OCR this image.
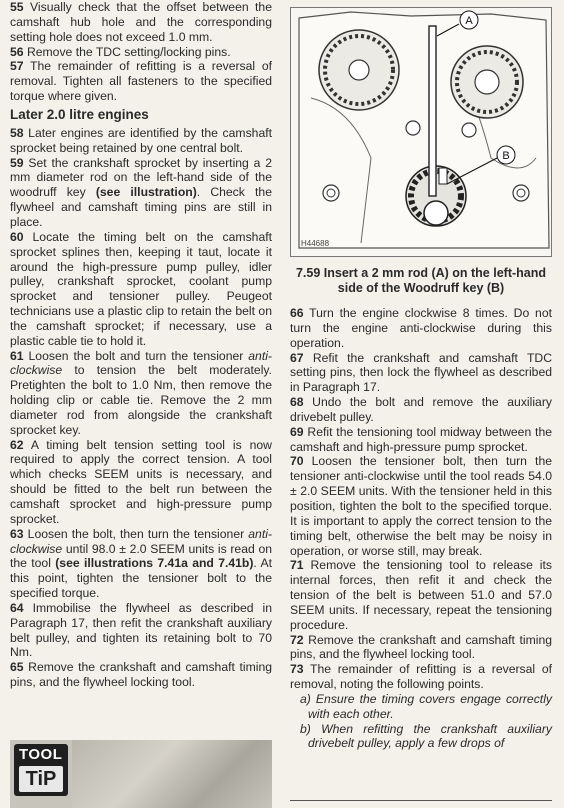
55 Visually check that the offset between the camshaft hub hole and the corresponding setting hole does not exceed 1.0 mm.

56 Remove the TDC setting/locking pins.

57 The remainder of refitting is a reversal of removal. Tighten all fasteners to the specified torque where given.

Later 2.0 litre engines

58 Later engines are identified by the camshaft sprocket being retained by one central bolt.

59 Set the crankshaft sprocket by inserting a 2 mm diameter rod on the left-hand side of the woodruff key (see illustration). Check the flywheel and camshaft timing pins are still in place.

60 Locate the timing belt on the camshaft sprocket splines then, keeping it taut, locate it around the high-pressure pump pulley, idler pulley, crankshaft sprocket, coolant pump sprocket and tensioner pulley. Peugeot technicians use a plastic clip to retain the belt on the camshaft sprocket; if necessary, use a plastic cable tie to hold it.

61 Loosen the bolt and turn the tensioner anti-clockwise to tension the belt moderately. Pretighten the bolt to 1.0 Nm, then remove the holding clip or cable tie. Remove the 2 mm diameter rod from alongside the crankshaft sprocket key.

62 A timing belt tension setting tool is now required to apply the correct tension. A tool which checks SEEM units is necessary, and should be fitted to the belt run between the camshaft sprocket and high-pressure pump sprocket.

63 Loosen the bolt, then turn the tensioner anti-clockwise until 98.0 ± 2.0 SEEM units is read on the tool (see illustrations 7.41a and 7.41b). At this point, tighten the tensioner bolt to the specified torque.

64 Immobilise the flywheel as described in Paragraph 17, then refit the crankshaft auxiliary belt pulley, and tighten its retaining bolt to 70 Nm.

65 Remove the crankshaft and camshaft timing pins, and the flywheel locking tool.

TOOL
TiP
A
B
H44688
7.59 Insert a 2 mm rod (A) on the left-hand side of the Woodruff key (B)

66 Turn the engine clockwise 8 times. Do not turn the engine anti-clockwise during this operation.

67 Refit the crankshaft and camshaft TDC setting pins, then lock the flywheel as described in Paragraph 17.

68 Undo the bolt and remove the auxiliary drivebelt pulley.

69 Refit the tensioning tool midway between the camshaft and high-pressure pump sprocket.

70 Loosen the tensioner bolt, then turn the tensioner anti-clockwise until the tool reads 54.0 ± 2.0 SEEM units. With the tensioner held in this position, tighten the bolt to the specified torque. It is important to apply the correct tension to the timing belt, otherwise the belt may be noisy in operation, or worse still, may break.

71 Remove the tensioning tool to release its internal forces, then refit it and check the tension of the belt is between 51.0 and 57.0 SEEM units. If necessary, repeat the tensioning procedure.

72 Remove the crankshaft and camshaft timing pins, and the flywheel locking tool.

73 The remainder of refitting is a reversal of removal, noting the following points.

a) Ensure the timing covers engage correctly with each other.

b) When refitting the crankshaft auxiliary drivebelt pulley, apply a few drops of
